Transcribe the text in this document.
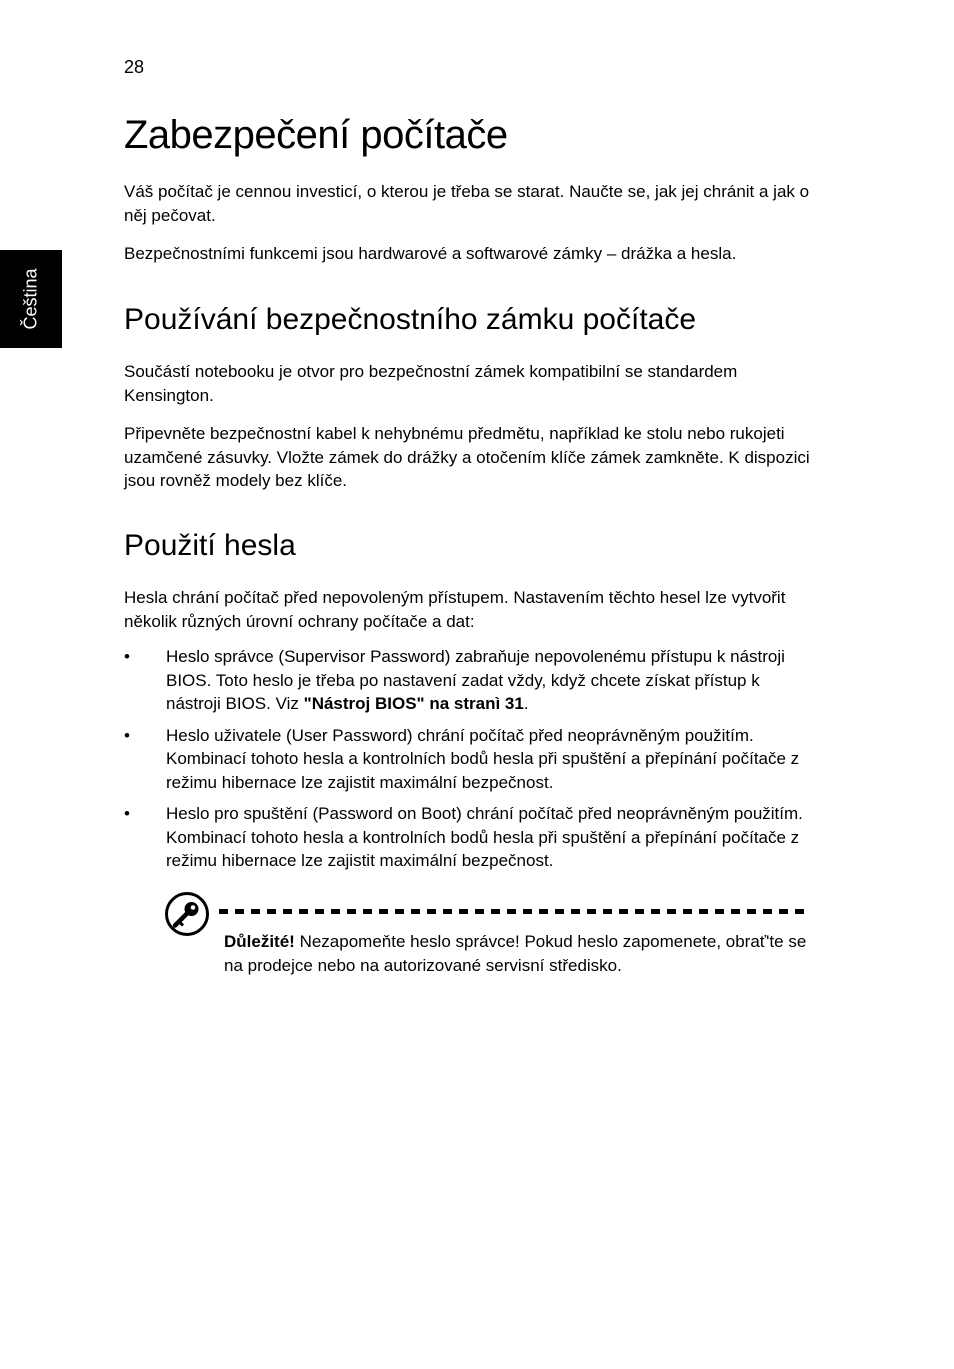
28
Čeština
Zabezpečení počítače

Váš počítač je cennou investicí, o kterou je třeba se starat. Naučte se, jak jej chránit a jak o něj pečovat.

Bezpečnostními funkcemi jsou hardwarové a softwarové zámky – drážka a hesla.

Používání bezpečnostního zámku počítače

Součástí notebooku je otvor pro bezpečnostní zámek kompatibilní se standardem Kensington.

Připevněte bezpečnostní kabel k nehybnému předmětu, například ke stolu nebo rukojeti uzamčené zásuvky. Vložte zámek do drážky a otočením klíče zámek zamkněte. K dispozici jsou rovněž modely bez klíče.

Použití hesla

Hesla chrání počítač před nepovoleným přístupem. Nastavením těchto hesel lze vytvořit několik různých úrovní ochrany počítače a dat:

• Heslo správce (Supervisor Password) zabraňuje nepovolenému přístupu k nástroji BIOS. Toto heslo je třeba po nastavení zadat vždy, když chcete získat přístup k nástroji BIOS. Viz "Nástroj BIOS" na stranì 31.
• Heslo uživatele (User Password) chrání počítač před neoprávněným použitím. Kombinací tohoto hesla a kontrolních bodů hesla při spuštění a přepínání počítače z režimu hibernace lze zajistit maximální bezpečnost.
• Heslo pro spuštění (Password on Boot) chrání počítač před neoprávněným použitím. Kombinací tohoto hesla a kontrolních bodů hesla při spuštění a přepínání počítače z režimu hibernace lze zajistit maximální bezpečnost.

Důležité! Nezapomeňte heslo správce! Pokud heslo zapomenete, obrať'te se na prodejce nebo na autorizované servisní středisko.
